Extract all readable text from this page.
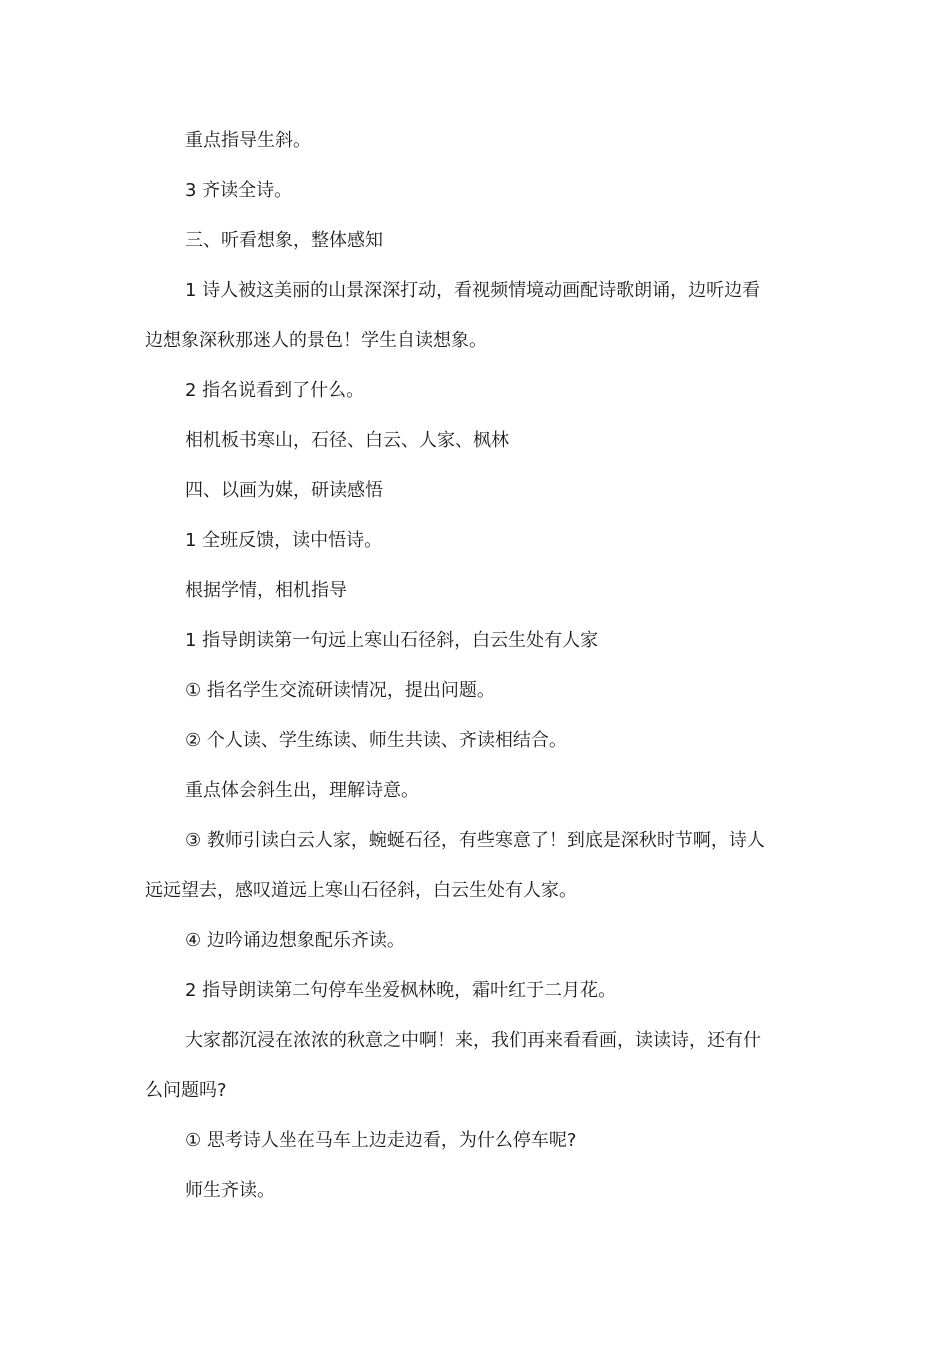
重点指导生斜。

3 齐读全诗。

三、听看想象，整体感知

1 诗人被这美丽的山景深深打动，看视频情境动画配诗歌朗诵，边听边看边想象深秋那迷人的景色！学生自读想象。

2 指名说看到了什么。

相机板书寒山，石径、白云、人家、枫林

四、以画为媒，研读感悟

1 全班反馈，读中悟诗。

根据学情，相机指导

1 指导朗读第一句远上寒山石径斜，白云生处有人家

① 指名学生交流研读情况，提出问题。

② 个人读、学生练读、师生共读、齐读相结合。

重点体会斜生出，理解诗意。

③ 教师引读白云人家，蜿蜒石径，有些寒意了！到底是深秋时节啊，诗人远远望去，感叹道远上寒山石径斜，白云生处有人家。

④ 边吟诵边想象配乐齐读。

2 指导朗读第二句停车坐爱枫林晚，霜叶红于二月花。

大家都沉浸在浓浓的秋意之中啊！来，我们再来看看画，读读诗，还有什么问题吗?

① 思考诗人坐在马车上边走边看，为什么停车呢?

师生齐读。
